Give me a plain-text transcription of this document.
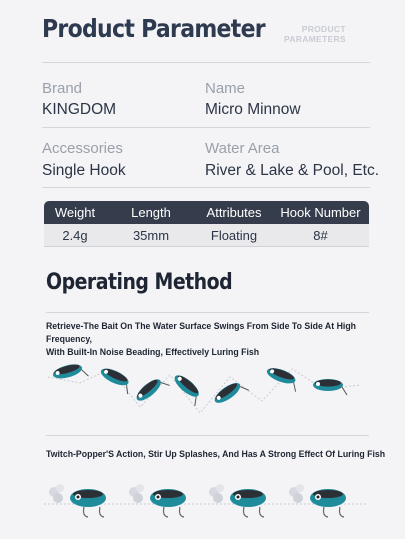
Product Parameter	PRODUCT
PARAMETERS
Brand
KINGDOM
Name
Micro Minnow
Accessories
Single Hook
Water Area
River & Lake & Pool, Etc.
Weight	Length	Attributes	Hook Number
2.4g	35mm	Floating	8#
Operating Method
Retrieve-The Bait On The Water Surface Swings From Side To Side At High Frequency,
With Built-In Noise Beading, Effectively Luring Fish
Twitch-Popper'S Action, Stir Up Splashes, And Has A Strong Effect Of Luring Fish
